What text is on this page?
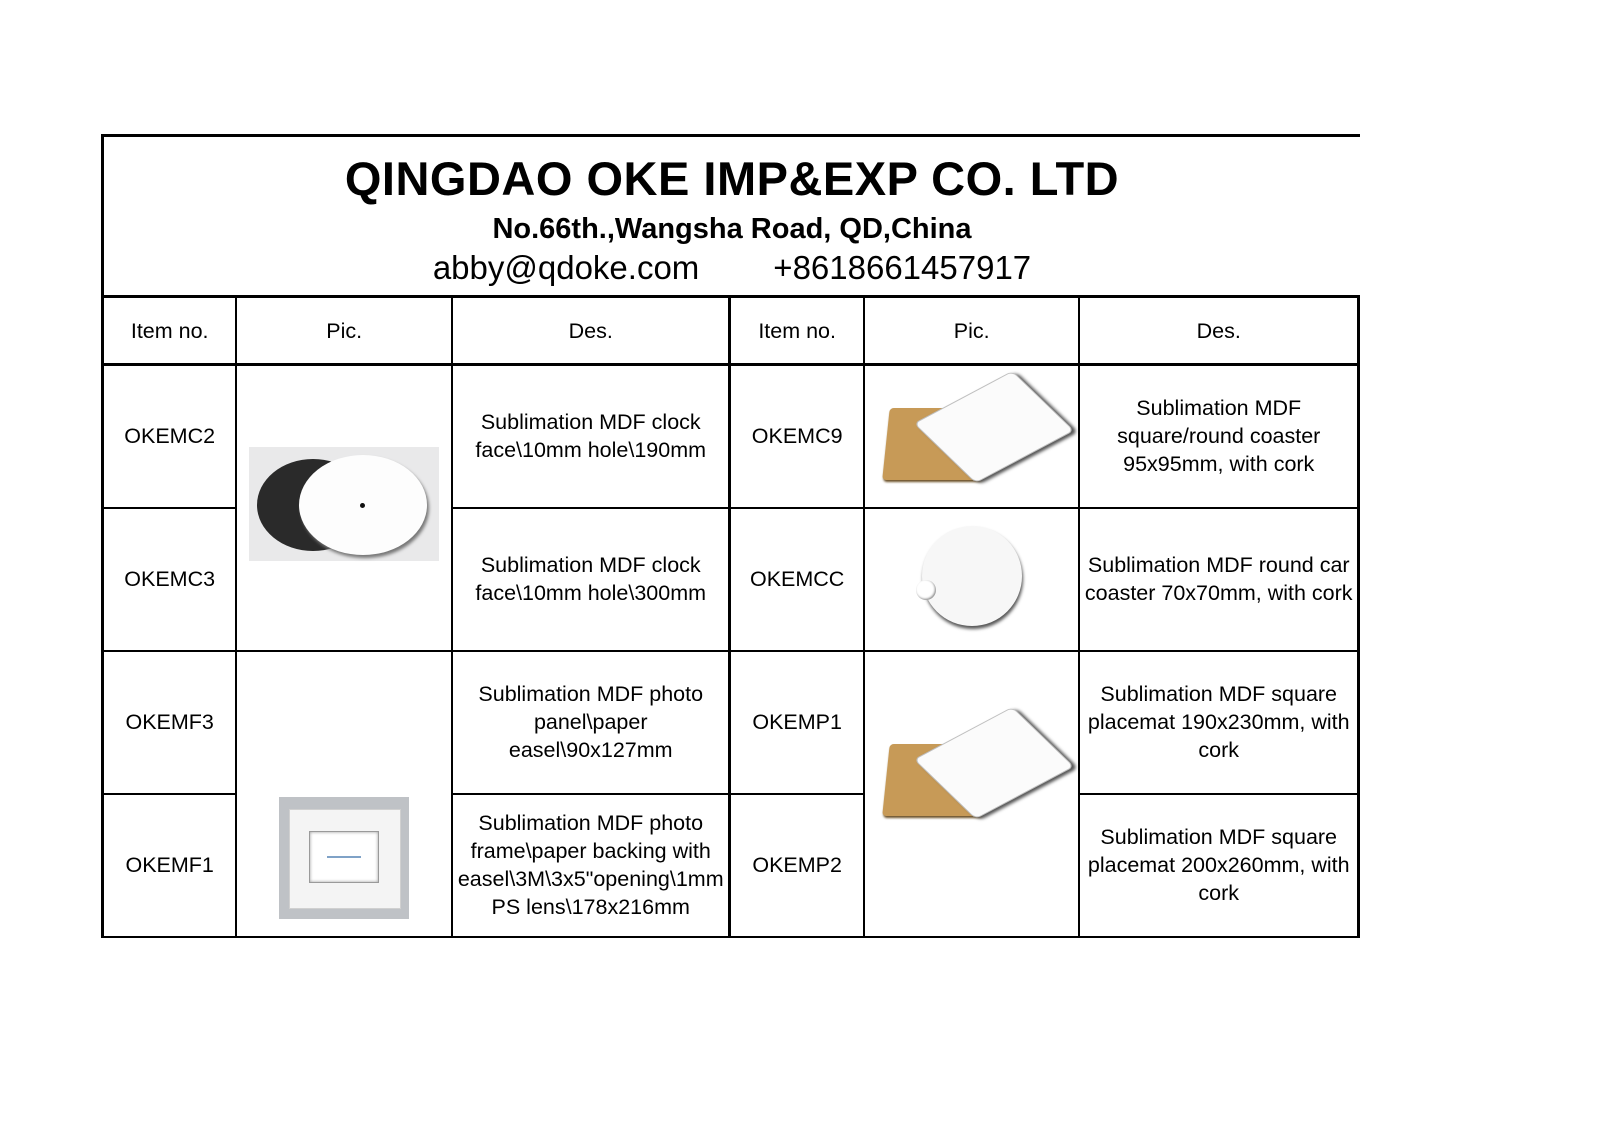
QINGDAO OKE IMP&EXP CO. LTD
No.66th.,Wangsha Road, QD,China
abby@qdoke.com +8618661457917
Item no.	Pic.	Des.	Item no.	Pic.	Des.
OKEMC2		Sublimation MDF clock face\10mm hole\190mm	OKEMC9		Sublimation MDF square/round coaster 95x95mm, with cork
OKEMC3		Sublimation MDF clock face\10mm hole\300mm	OKEMCC		Sublimation MDF round car coaster 70x70mm, with cork
OKEMF3		Sublimation MDF photo panel\paper easel\90x127mm	OKEMP1		Sublimation MDF square placemat 190x230mm, with cork
OKEMF1		Sublimation MDF photo frame\paper backing with easel\3M\3x5"opening\1mm PS lens\178x216mm	OKEMP2		Sublimation MDF square placemat 200x260mm, with cork
